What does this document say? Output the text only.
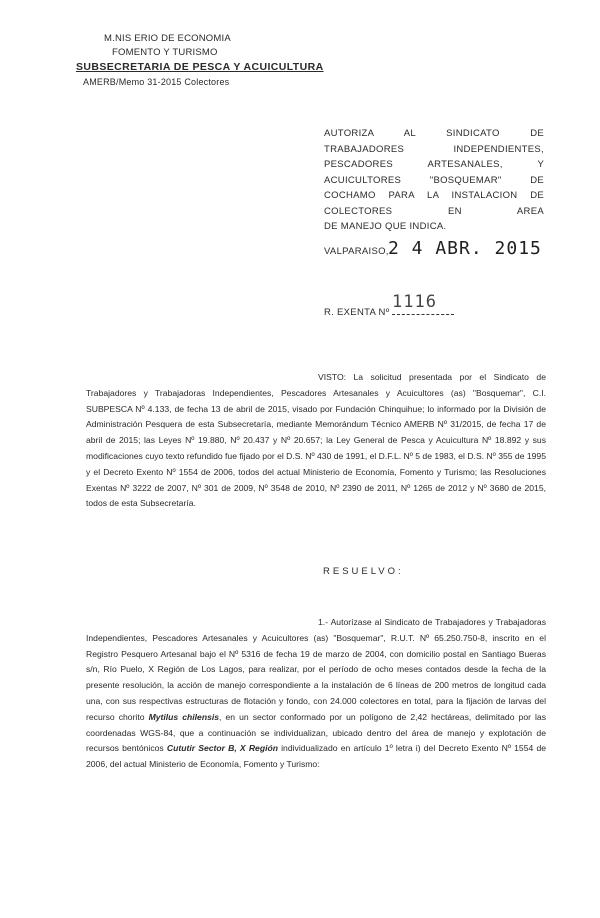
M.NIS ERIO DE ECONOMIA
FOMENTO Y TURISMO
SUBSECRETARIA DE PESCA Y ACUICULTURA
AMERB/Memo 31-2015 Colectores
AUTORIZA AL SINDICATO DE TRABAJADORES	INDEPENDIENTES, PESCADORES ARTESANALES, Y ACUICULTORES "BOSQUEMAR" DE COCHAMO PARA LA INSTALACION DE COLECTORES EN AREA
DE MANEJO QUE INDICA.
VALPARAISO, 2 4 ABR. 2015
R. EXENTA Nº
1116
VISTO: La solicitud presentada por el Sindicato de Trabajadores y Trabajadoras Independientes, Pescadores Artesanales y Acuicultores (as) "Bosquemar", C.I. SUBPESCA Nº 4.133, de fecha 13 de abril de 2015, visado por Fundación Chinquihue; lo informado por la División de Administración Pesquera de esta Subsecretaría, mediante Memorándum Técnico AMERB Nº 31/2015, de fecha 17 de abril de 2015; las Leyes Nº 19.880, Nº 20.437 y Nº 20.657; la Ley General de Pesca y Acuicultura Nº 18.892 y sus modificaciones cuyo texto refundido fue fijado por el D.S. Nº 430 de 1991, el D.F.L. Nº 5 de 1983, el D.S. Nº 355 de 1995 y el Decreto Exento Nº 1554 de 2006, todos del actual Ministerio de Economía, Fomento y Turismo; las Resoluciones Exentas Nº 3222 de 2007, Nº 301 de 2009, Nº 3548 de 2010, Nº 2390 de 2011, Nº 1265 de 2012 y Nº 3680 de 2015, todos de esta Subsecretaría.
RESUELVO:
1.- Autorízase al Sindicato de Trabajadores y Trabajadoras Independientes, Pescadores Artesanales y Acuicultores (as) "Bosquemar", R.U.T. Nº 65.250.750-8, inscrito en el Registro Pesquero Artesanal bajo el Nº 5316 de fecha 19 de marzo de 2004, con domicilio postal en Santiago Bueras s/n, Río Puelo, X Región de Los Lagos, para realizar, por el período de ocho meses contados desde la fecha de la presente resolución, la acción de manejo correspondiente a la instalación de 6 líneas de 200 metros de longitud cada una, con sus respectivas estructuras de flotación y fondo, con 24.000 colectores en total, para la fijación de larvas del recurso chorito Mytilus chilensis, en un sector conformado por un polígono de 2,42 hectáreas, delimitado por las coordenadas WGS-84, que a continuación se individualizan, ubicado dentro del área de manejo y explotación de recursos bentónicos Cututir Sector B, X Región individualizado en artículo 1º letra i) del Decreto Exento Nº 1554 de 2006, del actual Ministerio de Economía, Fomento y Turismo:
